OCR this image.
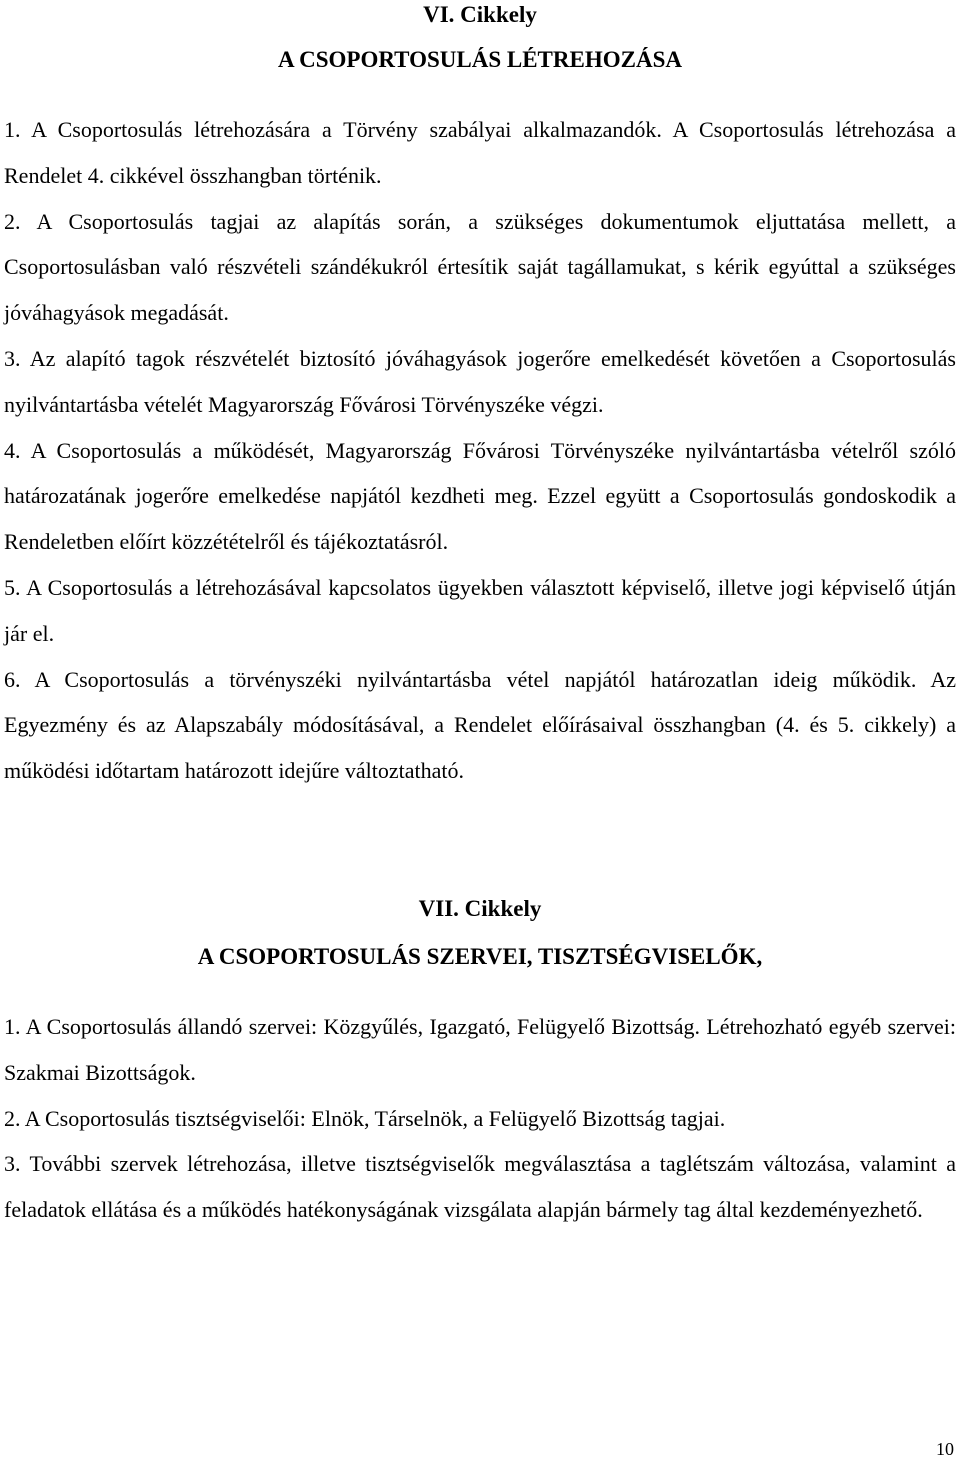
VI. Cikkely
A CSOPORTOSULÁS LÉTREHOZÁSA

1. A Csoportosulás létrehozására a Törvény szabályai alkalmazandók. A Csoportosulás létrehozása a Rendelet 4. cikkével összhangban történik.

2. A Csoportosulás tagjai az alapítás során, a szükséges dokumentumok eljuttatása mellett, a Csoportosulásban való részvételi szándékukról értesítik saját tagállamukat, s kérik egyúttal a szükséges jóváhagyások megadását.

3. Az alapító tagok részvételét biztosító jóváhagyások jogerőre emelkedését követően a Csoportosulás nyilvántartásba vételét Magyarország Fővárosi Törvényszéke végzi.

4. A Csoportosulás a működését, Magyarország Fővárosi Törvényszéke nyilvántartásba vételről szóló határozatának jogerőre emelkedése napjától kezdheti meg. Ezzel együtt a Csoportosulás gondoskodik a Rendeletben előírt közzétételről és tájékoztatásról.

5. A Csoportosulás a létrehozásával kapcsolatos ügyekben választott képviselő, illetve jogi képviselő útján jár el.

6. A Csoportosulás a törvényszéki nyilvántartásba vétel napjától határozatlan ideig működik. Az Egyezmény és az Alapszabály módosításával, a Rendelet előírásaival összhangban (4. és 5. cikkely) a működési időtartam határozott idejűre változtatható.

VII. Cikkely
A CSOPORTOSULÁS SZERVEI, TISZTSÉGVISELŐK,

1. A Csoportosulás állandó szervei: Közgyűlés, Igazgató, Felügyelő Bizottság. Létrehozható egyéb szervei: Szakmai Bizottságok.

2. A Csoportosulás tisztségviselői: Elnök, Társelnök, a Felügyelő Bizottság tagjai.

3. További szervek létrehozása, illetve tisztségviselők megválasztása a taglétszám változása, valamint a feladatok ellátása és a működés hatékonyságának vizsgálata alapján bármely tag által kezdeményezhető.

10
